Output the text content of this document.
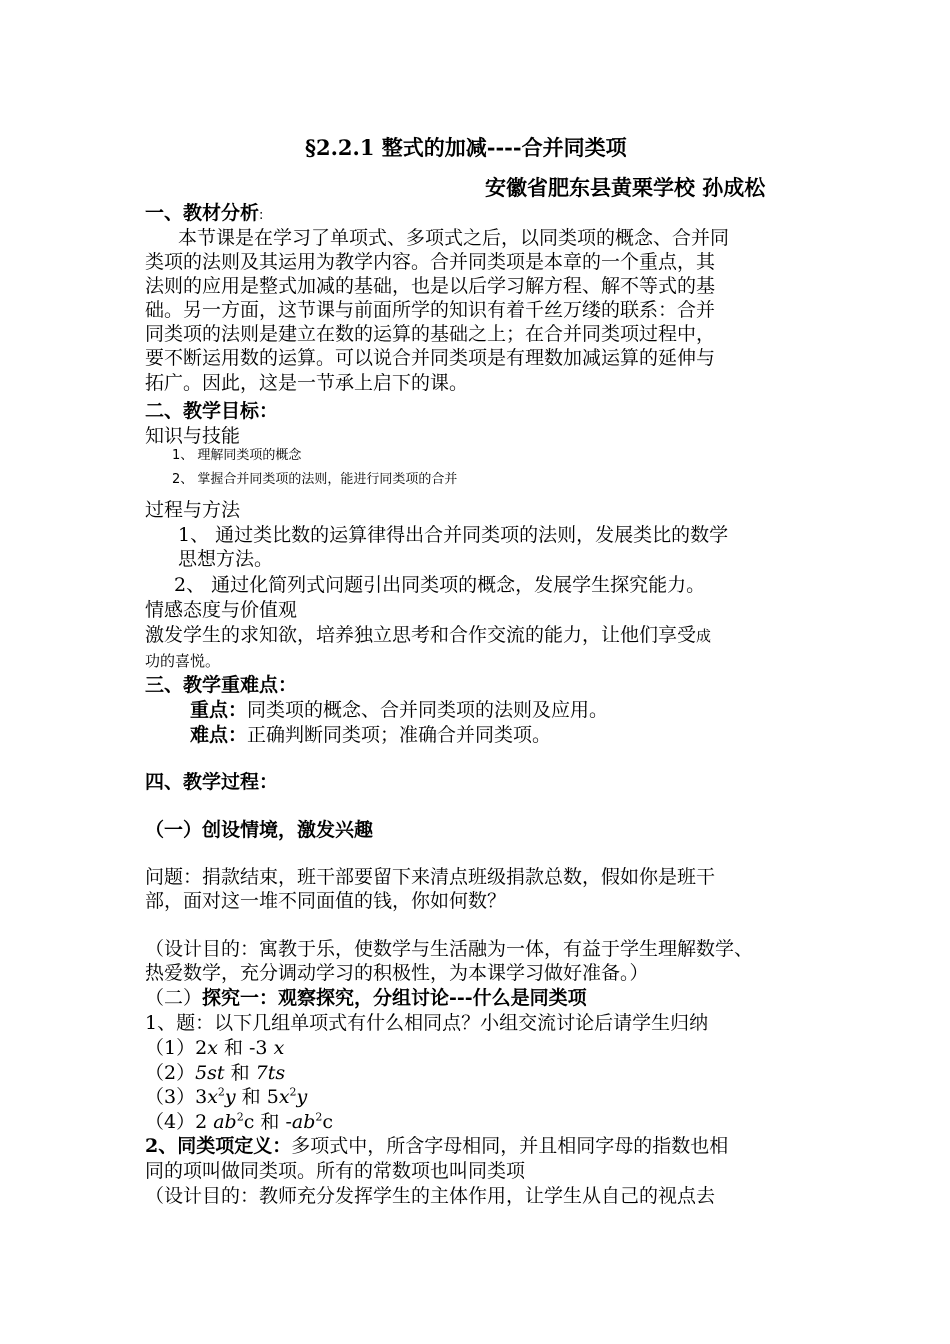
§2.2.1 整式的加减----合并同类项
安徽省肥东县黄栗学校 孙成松
一、教材分析:
本节课是在学习了单项式、多项式之后，以同类项的概念、合并同
类项的法则及其运用为教学内容。合并同类项是本章的一个重点，其
法则的应用是整式加减的基础，也是以后学习解方程、解不等式的基
础。另一方面，这节课与前面所学的知识有着千丝万缕的联系：合并
同类项的法则是建立在数的运算的基础之上；在合并同类项过程中，
要不断运用数的运算。可以说合并同类项是有理数加减运算的延伸与
拓广。因此，这是一节承上启下的课。
二、教学目标：
知识与技能
1、 理解同类项的概念
2、 掌握合并同类项的法则，能进行同类项的合并
过程与方法
1、 通过类比数的运算律得出合并同类项的法则，发展类比的数学
思想方法。
2、 通过化简列式问题引出同类项的概念，发展学生探究能力。
情感态度与价值观
激发学生的求知欲，培养独立思考和合作交流的能力，让他们享受成
功的喜悦。
三、教学重难点：
重点：同类项的概念、合并同类项的法则及应用。
难点：正确判断同类项；准确合并同类项。
四、教学过程：
（一）创设情境，激发兴趣
问题：捐款结束，班干部要留下来清点班级捐款总数，假如你是班干
部，面对这一堆不同面值的钱，你如何数？
（设计目的：寓教于乐，使数学与生活融为一体，有益于学生理解数学、
热爱数学，充分调动学习的积极性，为本课学习做好准备。）
（二）探究一：观察探究，分组讨论---什么是同类项
1、题：以下几组单项式有什么相同点？小组交流讨论后请学生归纳
（1）2x 和 -3 x
（2）5st 和 7ts
$(3)3x^2y$ 和 $5x^2y$
（4）2 $ab^2c$ 和 $-ab^2c$
2、同类项定义：多项式中，所含字母相同，并且相同字母的指数也相
同的项叫做同类项。所有的常数项也叫同类项
（设计目的：教师充分发挥学生的主体作用，让学生从自己的视点去
